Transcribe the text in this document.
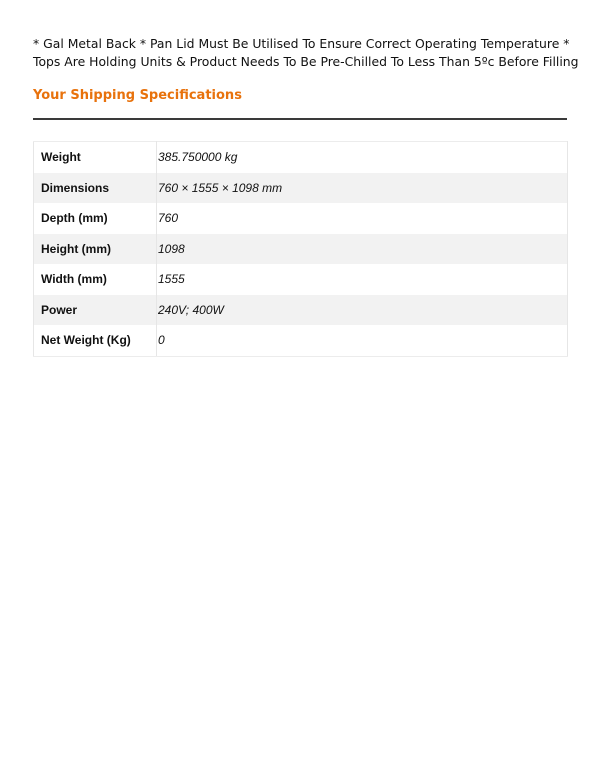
* Gal Metal Back * Pan Lid Must Be Utilised To Ensure Correct Operating Temperature *
Tops Are Holding Units & Product Needs To Be Pre-Chilled To Less Than 5ºc Before Filling

Your Shipping Specifications
Weight	385.750000 kg
Dimensions	760 × 1555 × 1098 mm
Depth (mm)	760
Height (mm)	1098
Width (mm)	1555
Power	240V; 400W
Net Weight (Kg)	0
